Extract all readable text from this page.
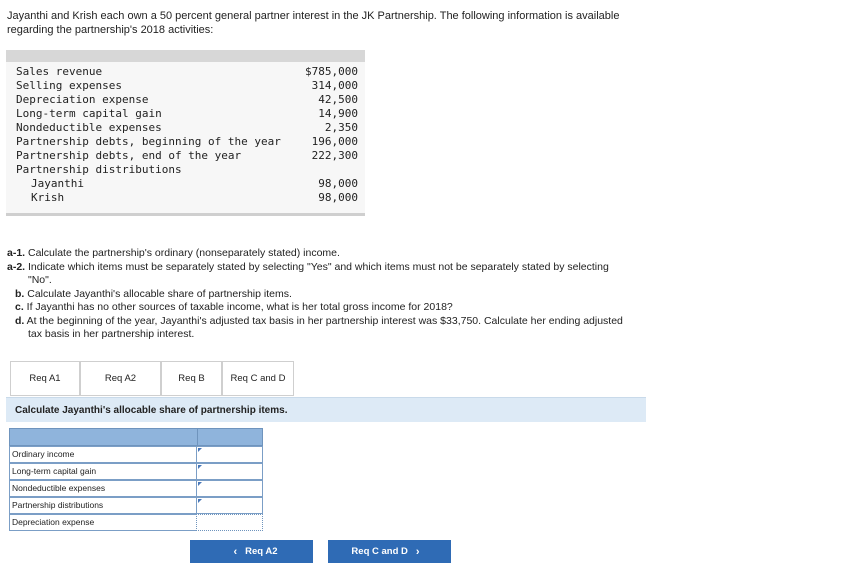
Jayanthi and Krish each own a 50 percent general partner interest in the JK Partnership. The following information is available
regarding the partnership's 2018 activities:
Sales revenue	$785,000
Selling expenses	314,000
Depreciation expense	42,500
Long-term capital gain	14,900
Nondeductible expenses	2,350
Partnership debts, beginning of the year	196,000
Partnership debts, end of the year	222,300
Partnership distributions
Jayanthi	98,000
Krish	98,000
a-1. Calculate the partnership's ordinary (nonseparately stated) income.
a-2. Indicate which items must be separately stated by selecting "Yes" and which items must not be separately stated by selecting
"No".
b. Calculate Jayanthi's allocable share of partnership items.
c. If Jayanthi has no other sources of taxable income, what is her total gross income for 2018?
d. At the beginning of the year, Jayanthi's adjusted tax basis in her partnership interest was $33,750. Calculate her ending adjusted
tax basis in her partnership interest.
Req A1	Req A2	Req B	Req C and D
Calculate Jayanthi's allocable share of partnership items.
Ordinary income
Long-term capital gain
Nondeductible expenses
Partnership distributions
Depreciation expense
‹ Req A2	Req C and D ›
